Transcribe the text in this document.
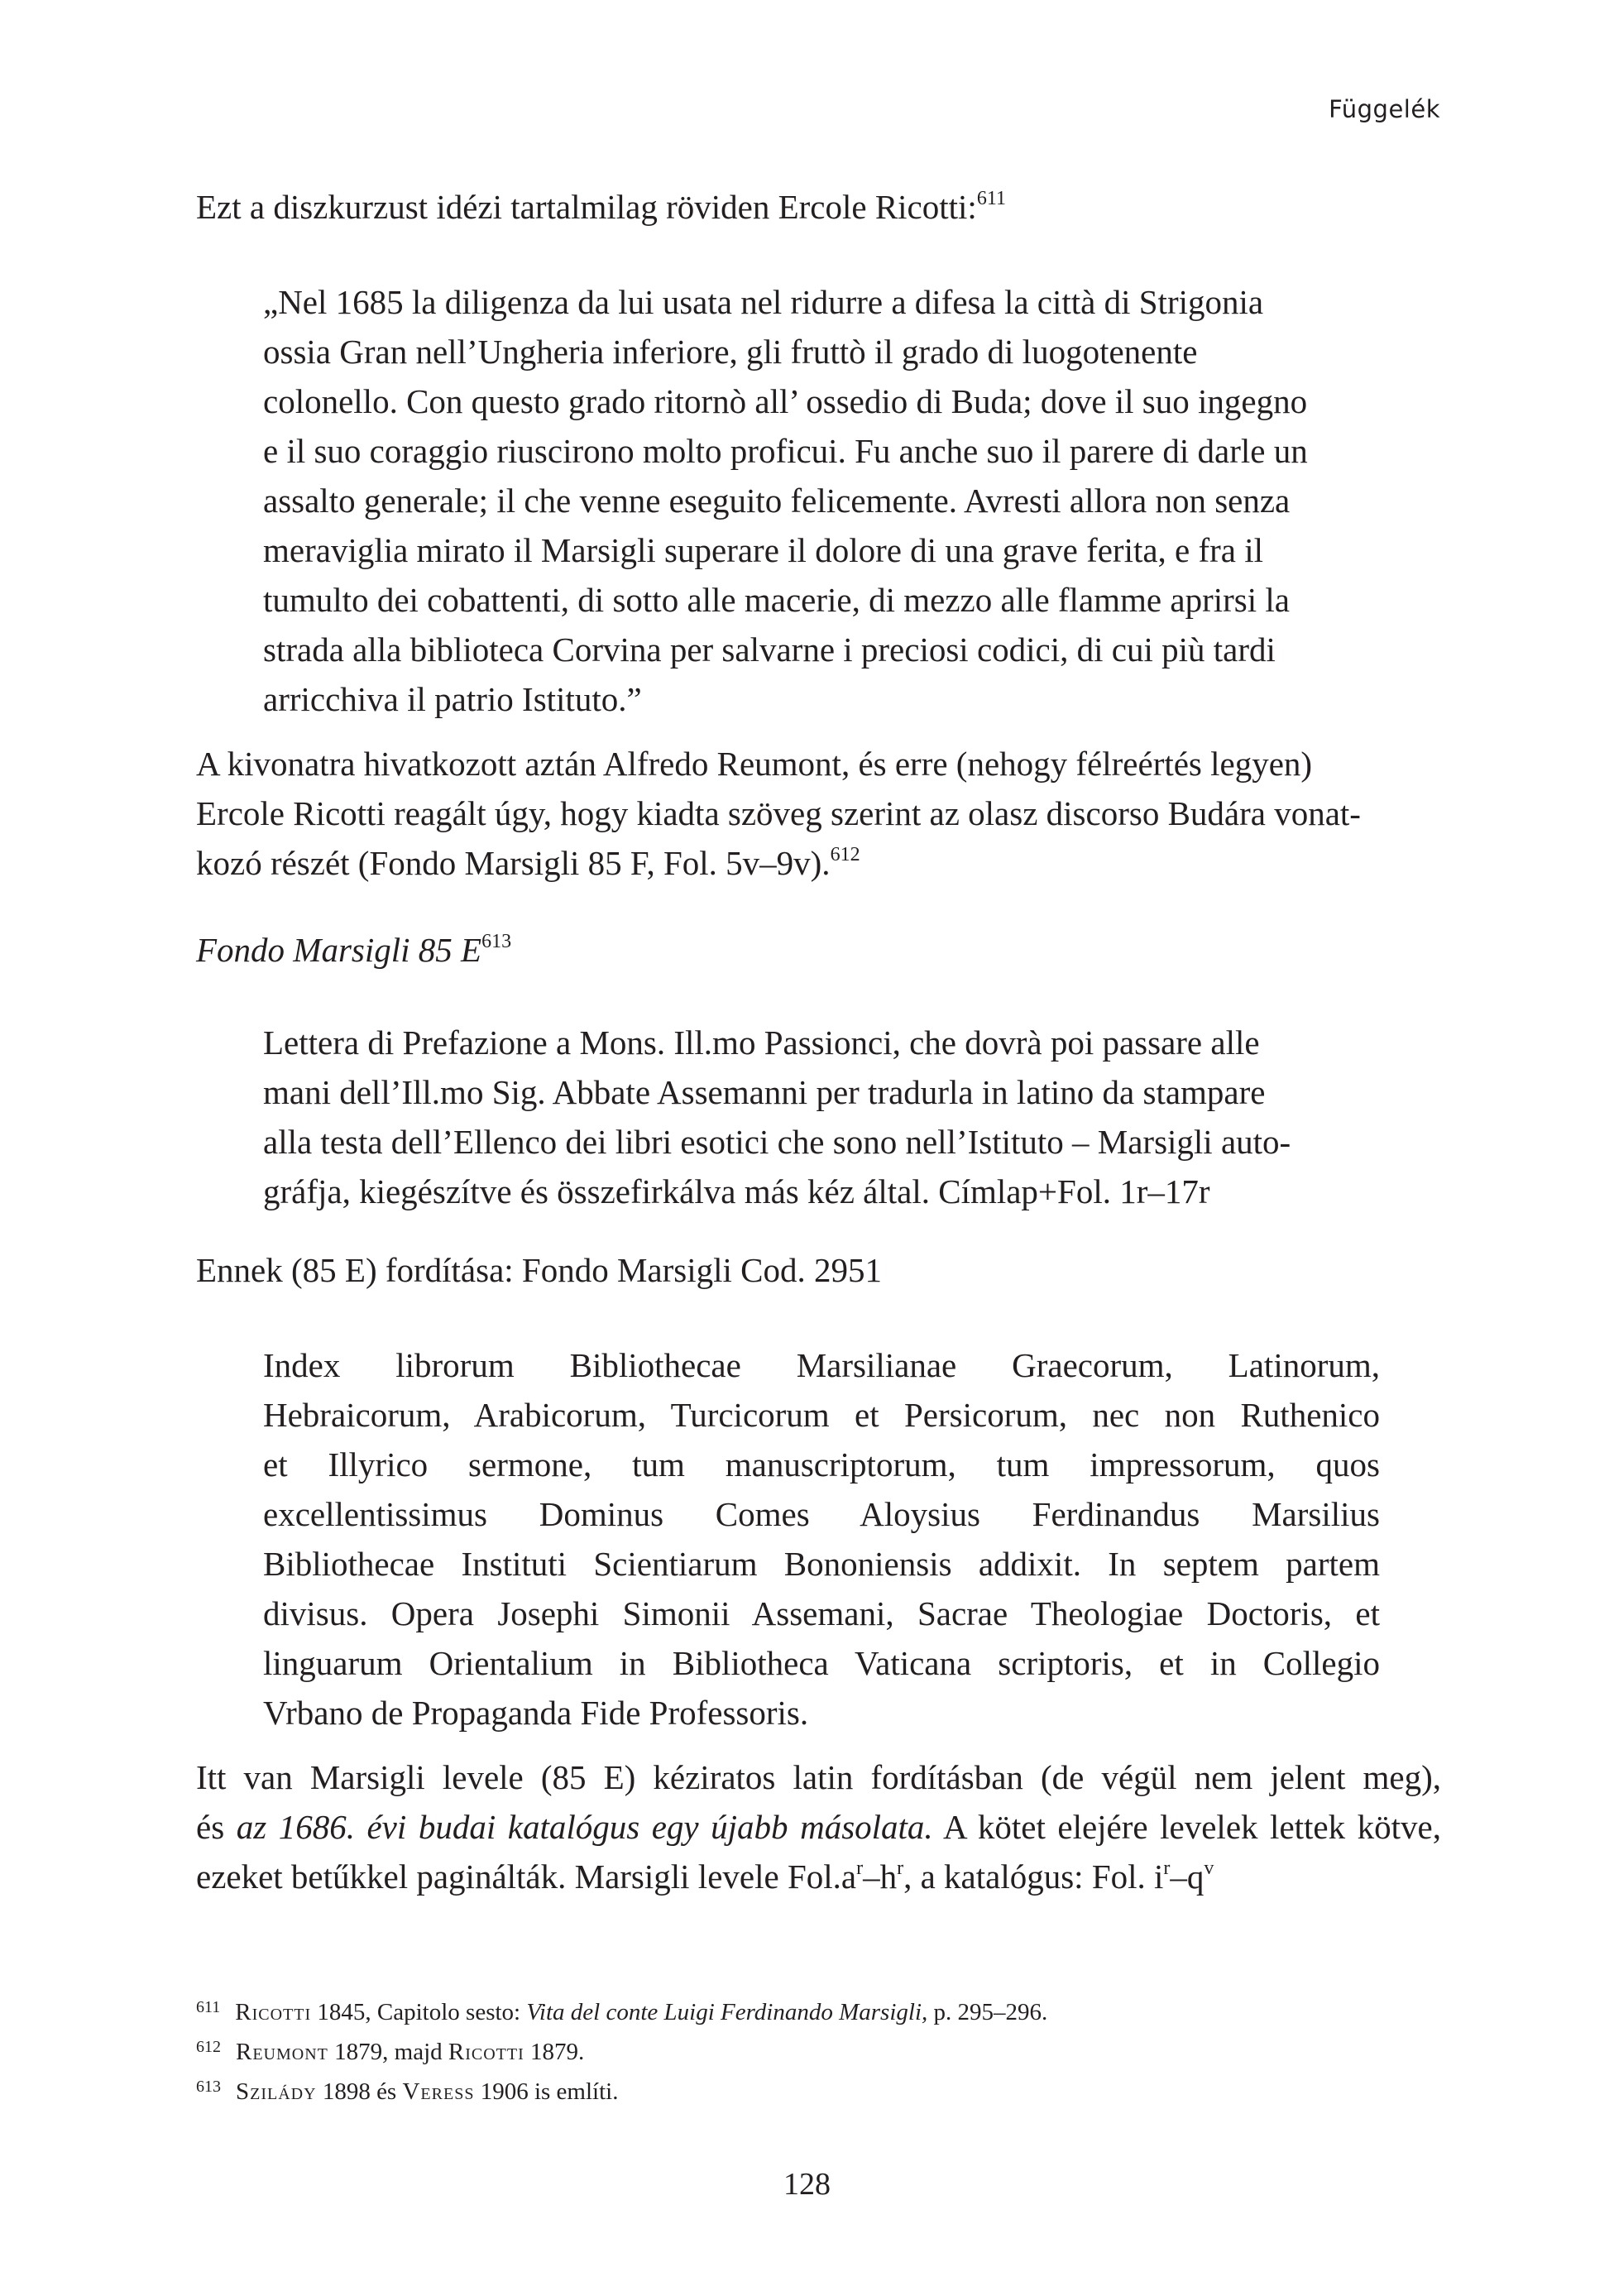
Függelék

Ezt a diszkurzust idézi tartalmilag röviden Ercole Ricotti:$^{611}$

„Nel 1685 la diligenza da lui usata nel ridurre a difesa la città di Strigonia

ossia Gran nell’Ungheria inferiore, gli fruttò il grado di luogotenente

colonello. Con questo grado ritornò all’ ossedio di Buda; dove il suo ingegno

e il suo coraggio riuscirono molto proficui. Fu anche suo il parere di darle un

assalto generale; il che venne eseguito felicemente. Avresti allora non senza

meraviglia mirato il Marsigli superare il dolore di una grave ferita, e fra il

tumulto dei cobattenti, di sotto alle macerie, di mezzo alle flamme aprirsi la

strada alla biblioteca Corvina per salvarne i preciosi codici, di cui più tardi

arricchiva il patrio Istituto.”

A kivonatra hivatkozott aztán Alfredo Reumont, és erre (nehogy félreértés legyen)

Ercole Ricotti reagált úgy, hogy kiadta szöveg szerint az olasz discorso Budára vonat-

kozó részét (Fondo Marsigli 85 F, Fol. 5v–9v).$^{612}$

Fondo Marsigli 85 $E^{613}$

Lettera di Prefazione a Mons. Ill.mo Passionci, che dovrà poi passare alle

mani dell’Ill.mo Sig. Abbate Assemanni per tradurla in latino da stampare

alla testa dell’Ellenco dei libri esotici che sono nell’Istituto – Marsigli auto-

gráfja, kiegészítve és összefirkálva más kéz által. Címlap+Fol. 1r–17r

Ennek (85 E) fordítása: Fondo Marsigli Cod. 2951

Index librorum Bibliothecae Marsilianae Graecorum, Latinorum,

Hebraicorum, Arabicorum, Turcicorum et Persicorum, nec non Ruthenico

et Illyrico sermone, tum manuscriptorum, tum impressorum, quos

excellentissimus Dominus Comes Aloysius Ferdinandus Marsilius

Bibliothecae Instituti Scientiarum Bononiensis addixit. In septem partem

divisus. Opera Josephi Simonii Assemani, Sacrae Theologiae Doctoris, et

linguarum Orientalium in Bibliotheca Vaticana scriptoris, et in Collegio

Vrbano de Propaganda Fide Professoris.

Itt van Marsigli levele (85 E) kéziratos latin fordításban (de végül nem jelent meg),

és az 1686. évi budai katalógus egy újabb másolata. A kötet elejére levelek lettek kötve,

ezeket betűkkel paginálták. Marsigli levele $Fol.a^r-h^r$, a katalógus: Fol. $i^r-q^v$

$^{611}$ Ricotti 1845, Capitolo sesto: Vita del conte Luigi Ferdinando Marsigli, p. 295–296.

$^{612}$ Reumont 1879, majd Ricotti 1879.

$^{613}$ Szilády 1898 és Veress 1906 is említi.

128
